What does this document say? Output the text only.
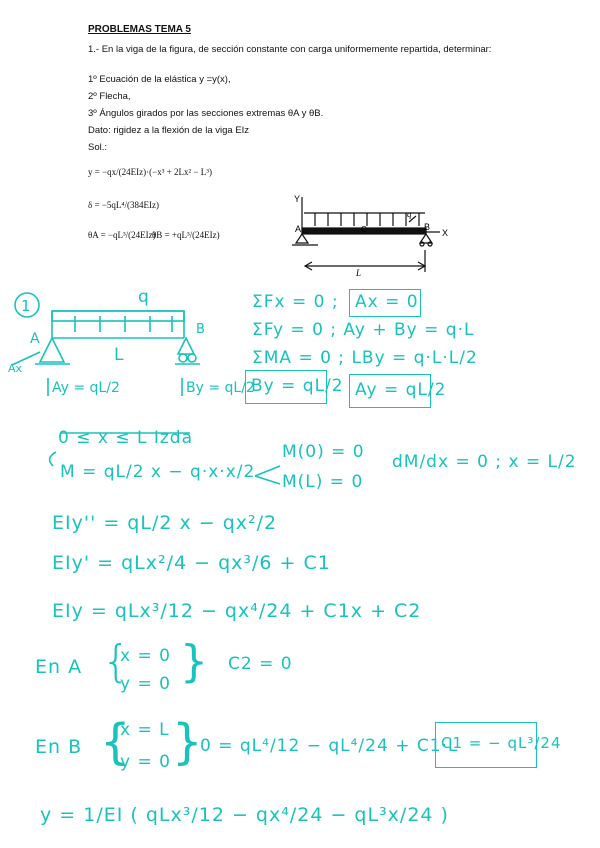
PROBLEMAS TEMA 5
1.- En la viga de la figura, de sección constante con carga uniformemente repartida, determinar:
1º Ecuación de la elástica y =y(x),
2º Flecha,
3º Ángulos girados por las secciones extremas θA y θB.
Dato: rigidez a la flexión de la viga EIz
Sol.:
y = −qx/(24EIz)·(−x³ + 2Lx² − L³)
δ = −5qL⁴/(384EIz)
θA = −qL³/(24EIz)
θB = +qL³/(24EIz)
Y
X
A	B
C
q
L
q
1
A
B
Ax
L
Ay = qL/2	By = qL/2
ΣFx = 0 ; Ax = 0
ΣFy = 0 ; Ay + By = q·L
ΣMA = 0 ; LBy = q·L·L/2
By = qL/2 Ay = qL/2
0 ≤ x ≤ L Izda
M = qL/2 x − q·x·x/2
M(0) = 0
M(L) = 0
dM/dx = 0 ; x = L/2
EIy'' = qL/2 x − qx²/2
EIy' = qLx²/4 − qx³/6 + C1
EIy = qLx³/12 − qx⁴/24 + C1x + C2
En A {
x = 0
y = 0 } C2 = 0
En B {
x = L
y = 0 }
0 = qL⁴/12 − qL⁴/24 + C1·L
C1 = − qL³/24
y = 1/EI ( qLx³/12 − qx⁴/24 − qL³x/24 )
